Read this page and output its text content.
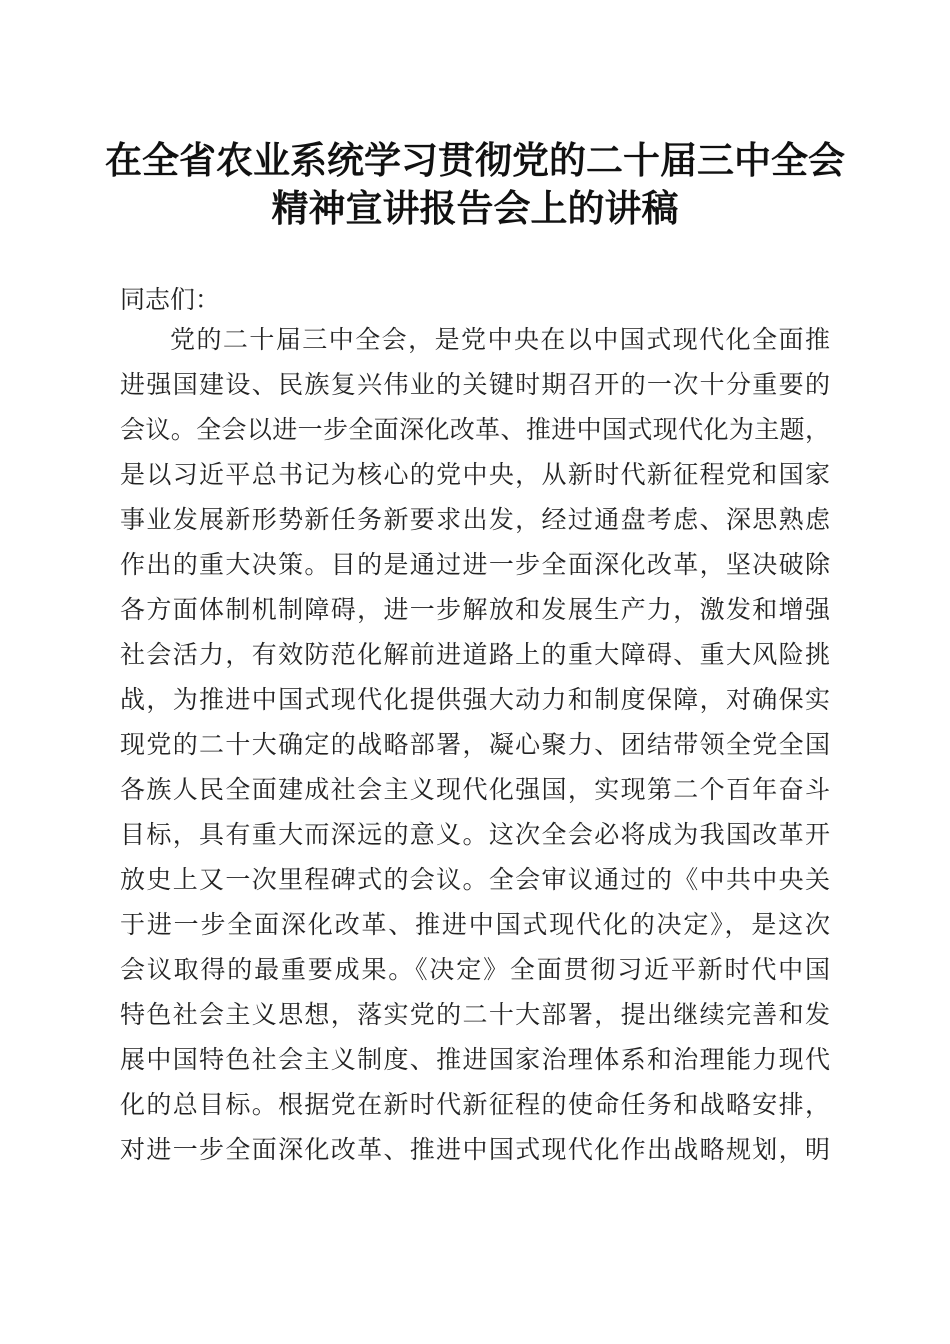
在全省农业系统学习贯彻党的二十届三中全会
精神宣讲报告会上的讲稿
同志们：
党的二十届三中全会，是党中央在以中国式现代化全面推
进强国建设、民族复兴伟业的关键时期召开的一次十分重要的
会议。全会以进一步全面深化改革、推进中国式现代化为主题，
是以习近平总书记为核心的党中央，从新时代新征程党和国家
事业发展新形势新任务新要求出发，经过通盘考虑、深思熟虑
作出的重大决策。目的是通过进一步全面深化改革，坚决破除
各方面体制机制障碍，进一步解放和发展生产力，激发和增强
社会活力，有效防范化解前进道路上的重大障碍、重大风险挑
战，为推进中国式现代化提供强大动力和制度保障，对确保实
现党的二十大确定的战略部署，凝心聚力、团结带领全党全国
各族人民全面建成社会主义现代化强国，实现第二个百年奋斗
目标，具有重大而深远的意义。这次全会必将成为我国改革开
放史上又一次里程碑式的会议。全会审议通过的《中共中央关
于进一步全面深化改革、推进中国式现代化的决定》，是这次
会议取得的最重要成果。《决定》全面贯彻习近平新时代中国
特色社会主义思想，落实党的二十大部署，提出继续完善和发
展中国特色社会主义制度、推进国家治理体系和治理能力现代
化的总目标。根据党在新时代新征程的使命任务和战略安排，
对进一步全面深化改革、推进中国式现代化作出战略规划，明
